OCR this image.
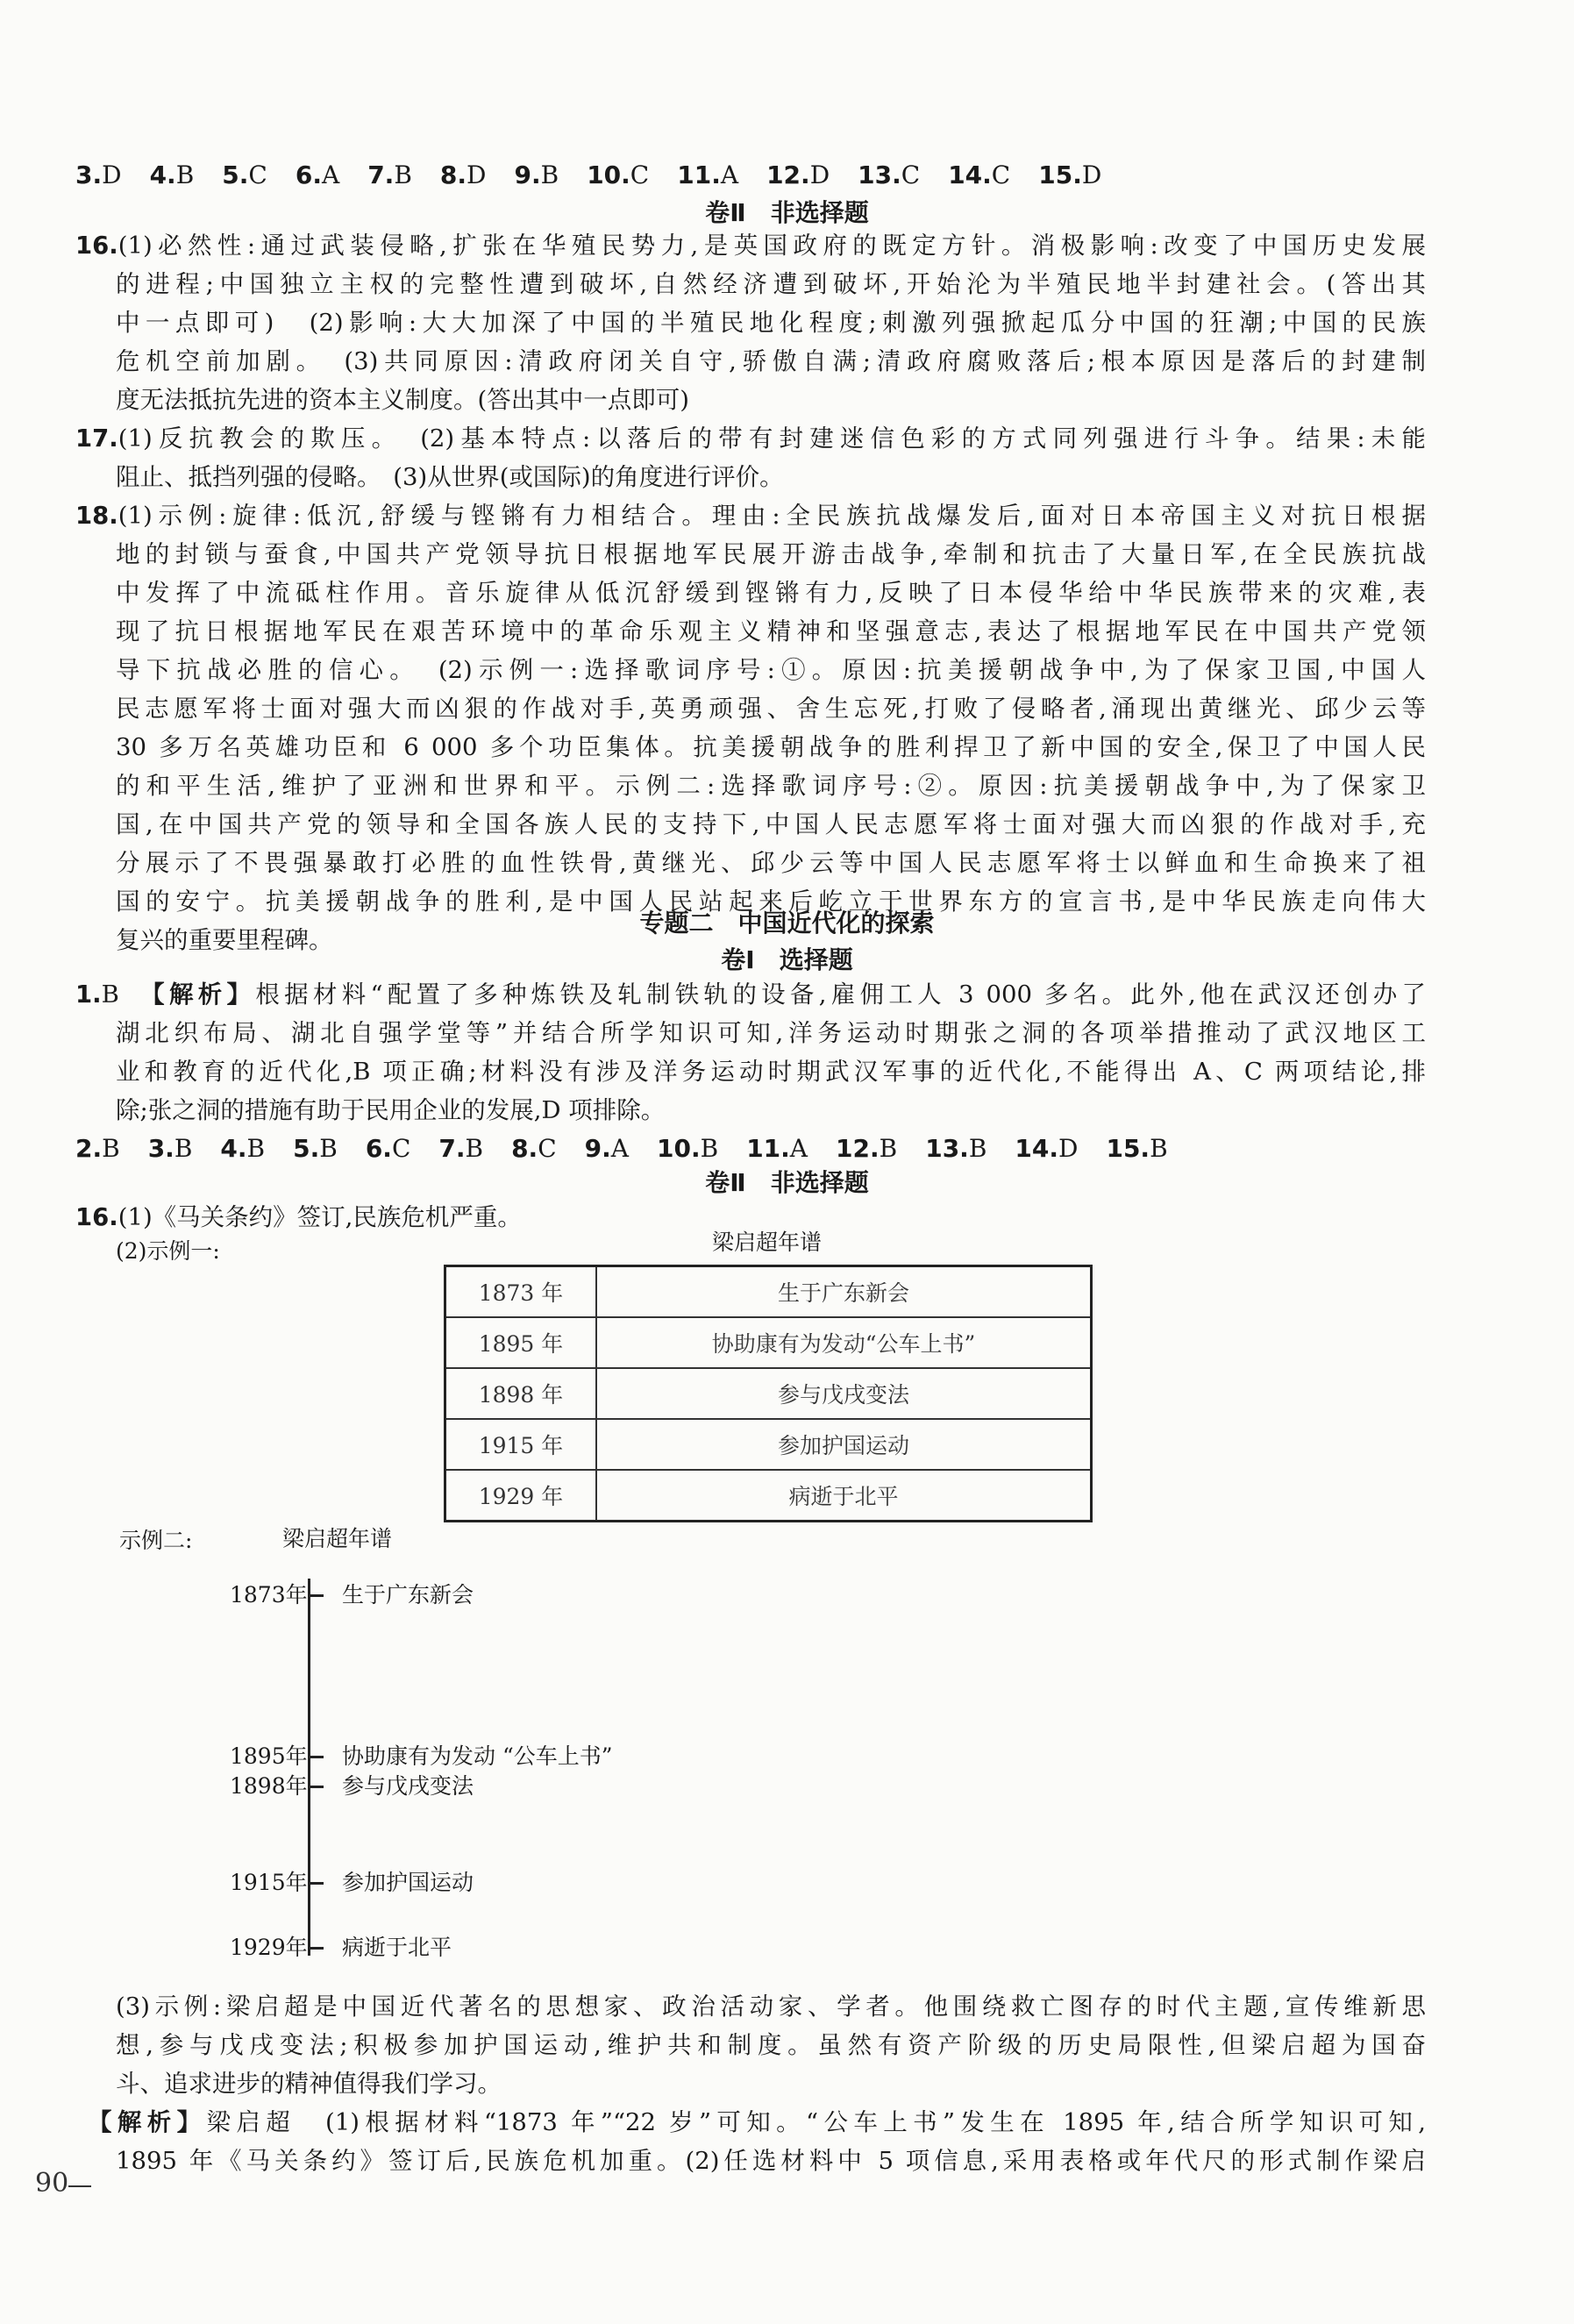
3.D 4.B 5.C 6.A 7.B 8.D 9.B 10.C 11.A 12.D 13.C 14.C 15.D
卷Ⅱ　非选择题
16.(1)必然性:通过武装侵略,扩张在华殖民势力,是英国政府的既定方针。消极影响:改变了中国历史发展
的进程;中国独立主权的完整性遭到破坏,自然经济遭到破坏,开始沦为半殖民地半封建社会。(答出其
中一点即可)　(2)影响:大大加深了中国的半殖民地化程度;刺激列强掀起瓜分中国的狂潮;中国的民族
危机空前加剧。　(3)共同原因:清政府闭关自守,骄傲自满;清政府腐败落后;根本原因是落后的封建制
度无法抵抗先进的资本主义制度。(答出其中一点即可)
17.(1)反抗教会的欺压。　(2)基本特点:以落后的带有封建迷信色彩的方式同列强进行斗争。结果:未能
阻止、抵挡列强的侵略。　(3)从世界(或国际)的角度进行评价。
18.(1)示例:旋律:低沉,舒缓与铿锵有力相结合。理由:全民族抗战爆发后,面对日本帝国主义对抗日根据
地的封锁与蚕食,中国共产党领导抗日根据地军民展开游击战争,牵制和抗击了大量日军,在全民族抗战
中发挥了中流砥柱作用。音乐旋律从低沉舒缓到铿锵有力,反映了日本侵华给中华民族带来的灾难,表
现了抗日根据地军民在艰苦环境中的革命乐观主义精神和坚强意志,表达了根据地军民在中国共产党领
导下抗战必胜的信心。　(2)示例一:选择歌词序号:①。原因:抗美援朝战争中,为了保家卫国,中国人
民志愿军将士面对强大而凶狠的作战对手,英勇顽强、舍生忘死,打败了侵略者,涌现出黄继光、邱少云等
30 多万名英雄功臣和 6 000 多个功臣集体。抗美援朝战争的胜利捍卫了新中国的安全,保卫了中国人民
的和平生活,维护了亚洲和世界和平。示例二:选择歌词序号:②。原因:抗美援朝战争中,为了保家卫
国,在中国共产党的领导和全国各族人民的支持下,中国人民志愿军将士面对强大而凶狠的作战对手,充
分展示了不畏强暴敢打必胜的血性铁骨,黄继光、邱少云等中国人民志愿军将士以鲜血和生命换来了祖
国的安宁。抗美援朝战争的胜利,是中国人民站起来后屹立于世界东方的宣言书,是中华民族走向伟大
复兴的重要里程碑。
专题二　中国近代化的探索
卷Ⅰ　选择题
1.B　 【解析】根据材料“配置了多种炼铁及轧制铁轨的设备,雇佣工人 3 000 多名。此外,他在武汉还创办了
湖北织布局、湖北自强学堂等”并结合所学知识可知,洋务运动时期张之洞的各项举措推动了武汉地区工
业和教育的近代化,B 项正确;材料没有涉及洋务运动时期武汉军事的近代化,不能得出 A、C 两项结论,排
除;张之洞的措施有助于民用企业的发展,D 项排除。
2.B 3.B 4.B 5.B 6.C 7.B 8.C 9.A 10.B 11.A 12.B 13.B 14.D 15.B
卷Ⅱ　非选择题
16.(1)《马关条约》签订,民族危机严重。
(2)示例一:	梁启超年谱
1873 年	生于广东新会
1895 年	协助康有为发动“公车上书”
1898 年	参与戊戌变法
1915 年	参加护国运动
1929 年	病逝于北平
示例二:	梁启超年谱
1873年 生于广东新会
1895年 协助康有为发动 “公车上书”
1898年 参与戊戌变法
1915年 参加护国运动
1929年 病逝于北平
(3)示例:梁启超是中国近代著名的思想家、政治活动家、学者。他围绕救亡图存的时代主题,宣传维新思
想,参与戊戌变法;积极参加护国运动,维护共和制度。虽然有资产阶级的历史局限性,但梁启超为国奋
斗、追求进步的精神值得我们学习。
【解析】梁启超　(1)根据材料“1873 年”“22 岁”可知。“公车上书”发生在 1895 年,结合所学知识可知,
1895 年《马关条约》签订后,民族危机加重。(2)任选材料中 5 项信息,采用表格或年代尺的形式制作梁启
90
